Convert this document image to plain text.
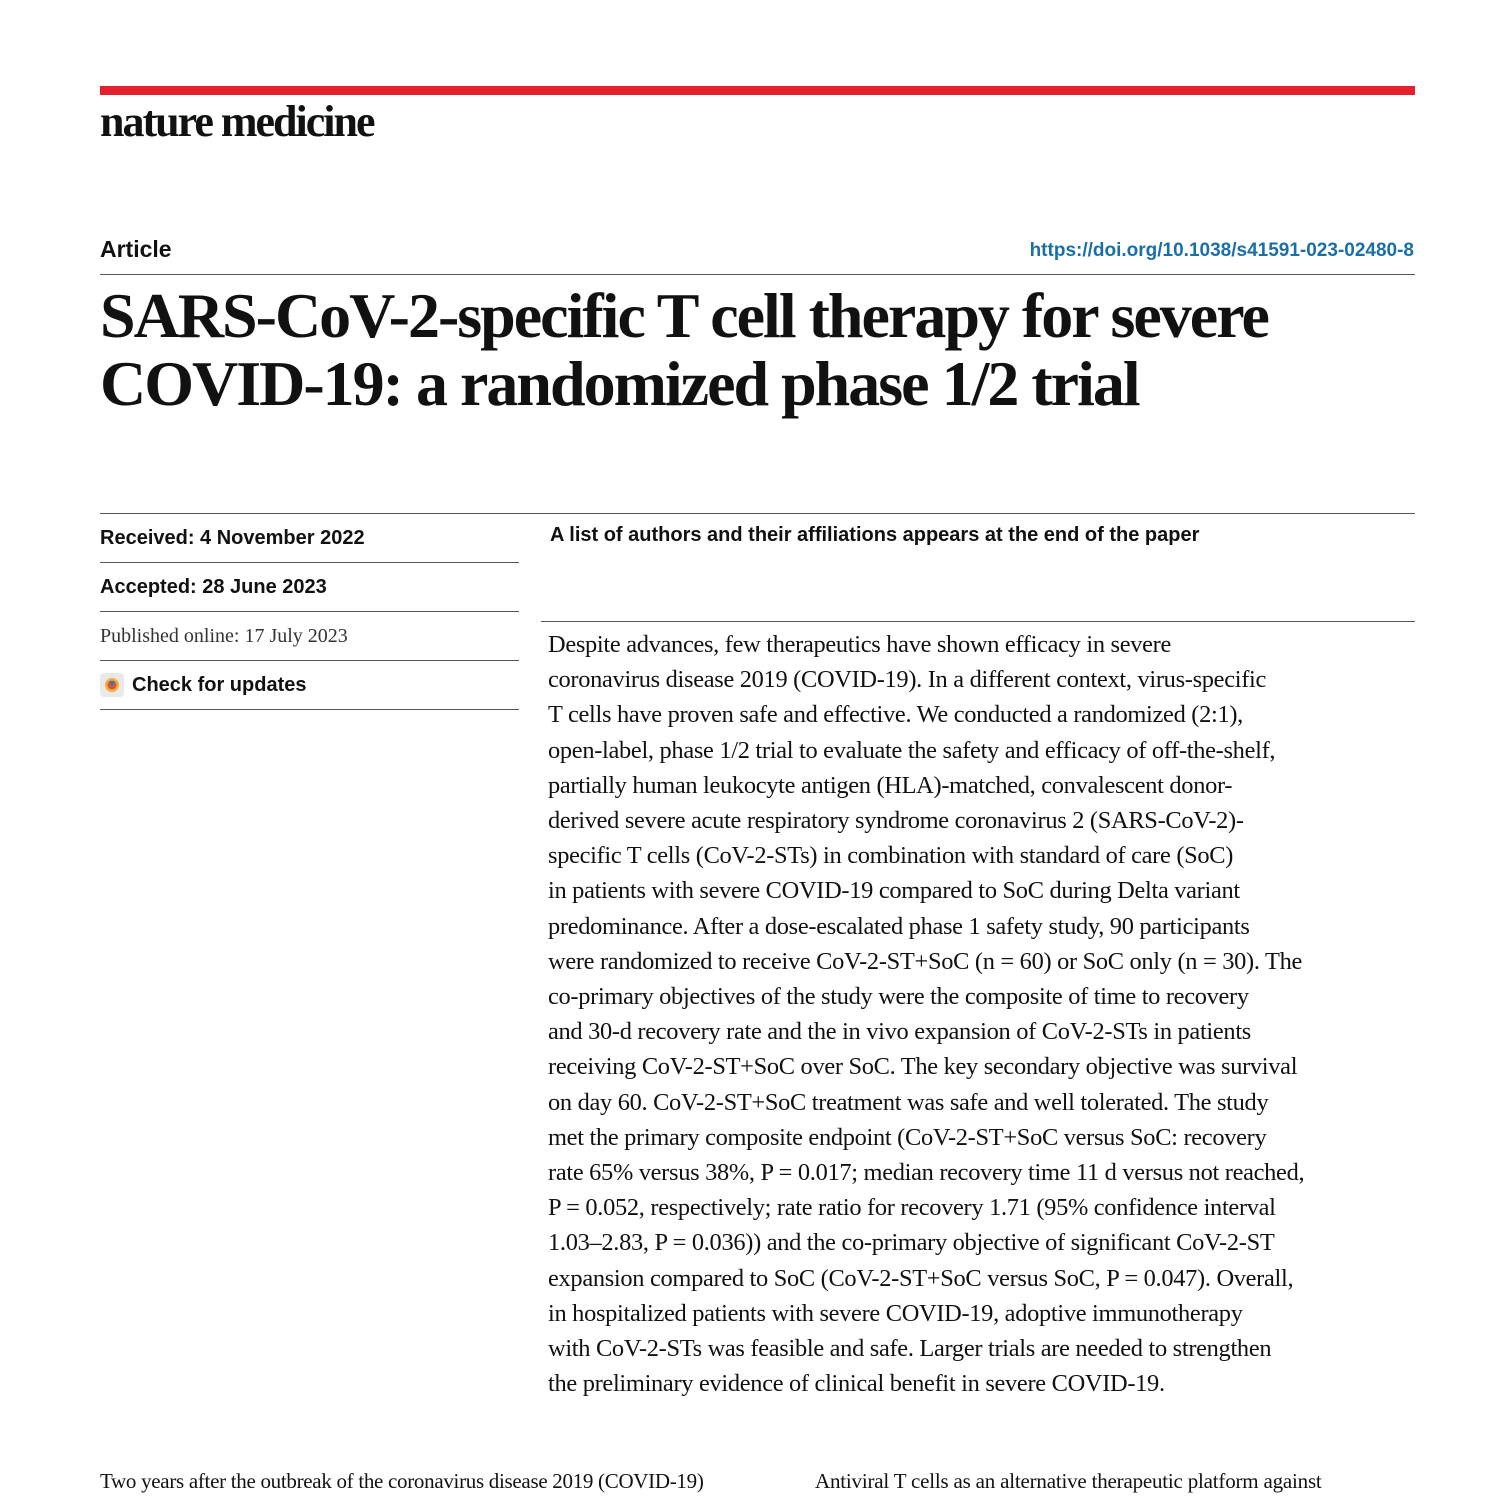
nature medicine
Article	https://doi.org/10.1038/s41591-023-02480-8
SARS-CoV-2-specific T cell therapy for severe
COVID-19: a randomized phase 1/2 trial
Received: 4 November 2022
Accepted: 28 June 2023
Published online: 17 July 2023
Check for updates
A list of authors and their affiliations appears at the end of the paper

Despite advances, few therapeutics have shown efficacy in severe
coronavirus disease 2019 (COVID-19). In a different context, virus-specific
T cells have proven safe and effective. We conducted a randomized (2:1),
open-label, phase 1/2 trial to evaluate the safety and efficacy of off-the-shelf,
partially human leukocyte antigen (HLA)-matched, convalescent donor-
derived severe acute respiratory syndrome coronavirus 2 (SARS-CoV-2)-
specific T cells (CoV-2-STs) in combination with standard of care (SoC)
in patients with severe COVID-19 compared to SoC during Delta variant
predominance. After a dose-escalated phase 1 safety study, 90 participants
were randomized to receive CoV-2-ST+SoC (n = 60) or SoC only (n = 30). The
co-primary objectives of the study were the composite of time to recovery
and 30-d recovery rate and the in vivo expansion of CoV-2-STs in patients
receiving CoV-2-ST+SoC over SoC. The key secondary objective was survival
on day 60. CoV-2-ST+SoC treatment was safe and well tolerated. The study
met the primary composite endpoint (CoV-2-ST+SoC versus SoC: recovery
rate 65% versus 38%, P = 0.017; median recovery time 11 d versus not reached,
P = 0.052, respectively; rate ratio for recovery 1.71 (95% confidence interval
1.03–2.83, P = 0.036)) and the co-primary objective of significant CoV-2-ST
expansion compared to SoC (CoV-2-ST+SoC versus SoC, P = 0.047). Overall,
in hospitalized patients with severe COVID-19, adoptive immunotherapy
with CoV-2-STs was feasible and safe. Larger trials are needed to strengthen
the preliminary evidence of clinical benefit in severe COVID-19.

Two years after the outbreak of the coronavirus disease 2019 (COVID-19)	Antiviral T cells as an alternative therapeutic platform against
